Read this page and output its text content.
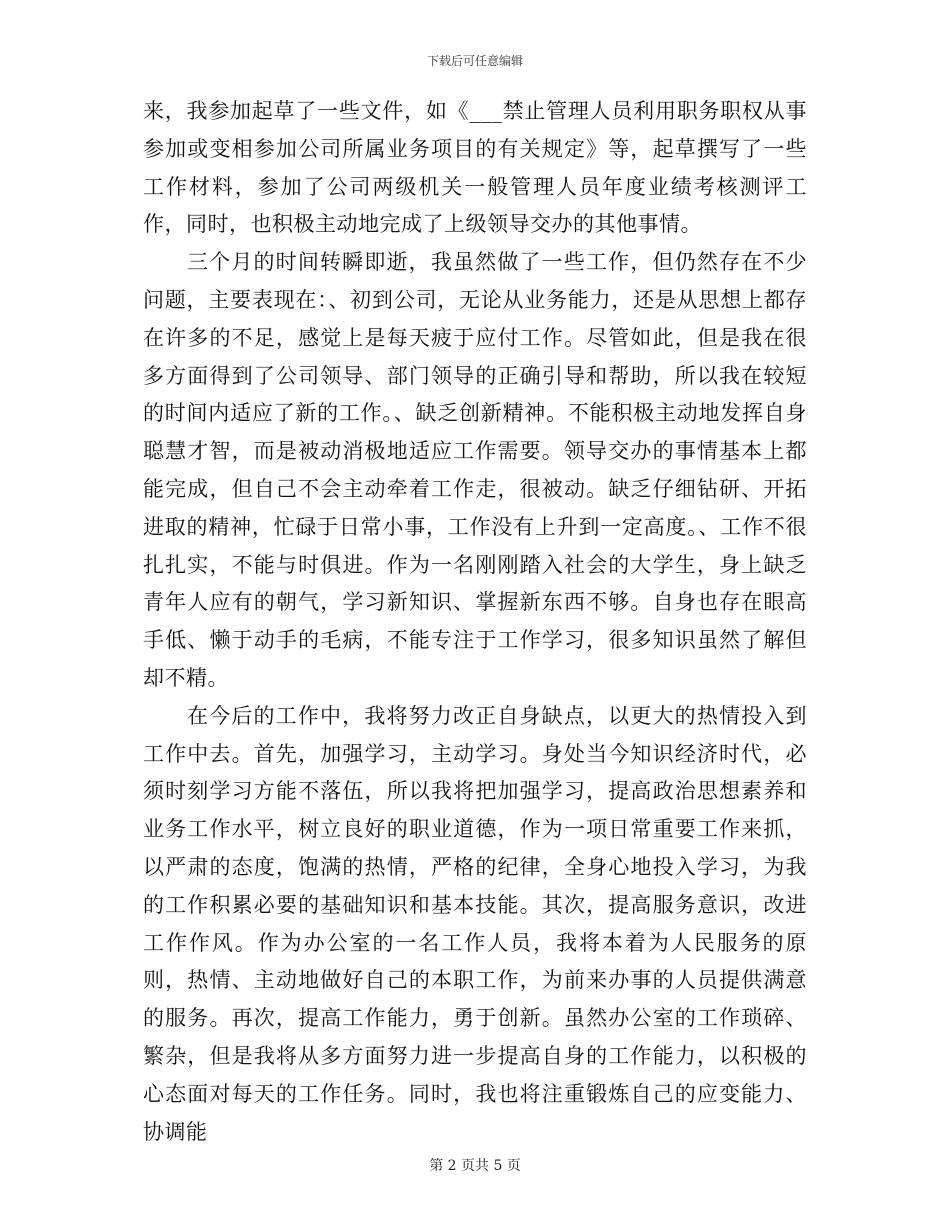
下载后可任意编辑

来，我参加起草了一些文件，如《___禁止管理人员利用职务职权从事参加或变相参加公司所属业务项目的有关规定》等，起草撰写了一些工作材料，参加了公司两级机关一般管理人员年度业绩考核测评工作，同时，也积极主动地完成了上级领导交办的其他事情。

三个月的时间转瞬即逝，我虽然做了一些工作，但仍然存在不少问题，主要表现在：、初到公司，无论从业务能力，还是从思想上都存在许多的不足，感觉上是每天疲于应付工作。尽管如此，但是我在很多方面得到了公司领导、部门领导的正确引导和帮助，所以我在较短的时间内适应了新的工作。、缺乏创新精神。不能积极主动地发挥自身聪慧才智，而是被动消极地适应工作需要。领导交办的事情基本上都能完成，但自己不会主动牵着工作走，很被动。缺乏仔细钻研、开拓进取的精神，忙碌于日常小事，工作没有上升到一定高度。、工作不很扎扎实，不能与时俱进。作为一名刚刚踏入社会的大学生，身上缺乏青年人应有的朝气，学习新知识、掌握新东西不够。自身也存在眼高手低、懒于动手的毛病，不能专注于工作学习，很多知识虽然了解但却不精。

在今后的工作中，我将努力改正自身缺点，以更大的热情投入到工作中去。首先，加强学习，主动学习。身处当今知识经济时代，必须时刻学习方能不落伍，所以我将把加强学习，提高政治思想素养和业务工作水平，树立良好的职业道德，作为一项日常重要工作来抓，以严肃的态度，饱满的热情，严格的纪律，全身心地投入学习，为我的工作积累必要的基础知识和基本技能。其次，提高服务意识，改进工作作风。作为办公室的一名工作人员，我将本着为人民服务的原则，热情、主动地做好自己的本职工作，为前来办事的人员提供满意的服务。再次，提高工作能力，勇于创新。虽然办公室的工作琐碎、繁杂，但是我将从多方面努力进一步提高自身的工作能力，以积极的心态面对每天的工作任务。同时，我也将注重锻炼自己的应变能力、协调能

第 2 页共 5 页
